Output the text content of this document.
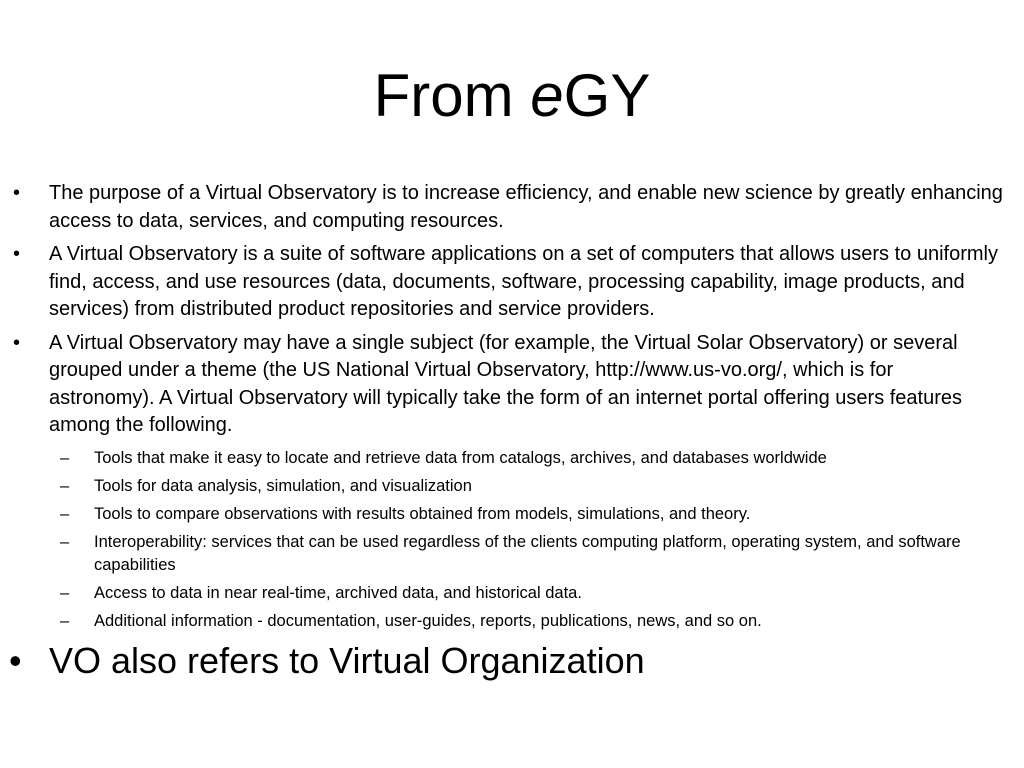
From eGY
• The purpose of a Virtual Observatory is to increase efficiency, and enable new science by greatly enhancing access to data, services, and computing resources.
• A Virtual Observatory is a suite of software applications on a set of computers that allows users to uniformly find, access, and use resources (data, documents, software, processing capability, image products, and services) from distributed product repositories and service providers.
• A Virtual Observatory may have a single subject (for example, the Virtual Solar Observatory) or several grouped under a theme (the US National Virtual Observatory, http://www.us-vo.org/, which is for astronomy). A Virtual Observatory will typically take the form of an internet portal offering users features among the following.
– Tools that make it easy to locate and retrieve data from catalogs, archives, and databases worldwide
– Tools for data analysis, simulation, and visualization
– Tools to compare observations with results obtained from models, simulations, and theory.
– Interoperability: services that can be used regardless of the clients computing platform, operating system, and software capabilities
– Access to data in near real-time, archived data, and historical data.
– Additional information - documentation, user-guides, reports, publications, news, and so on.
• VO also refers to Virtual Organization
